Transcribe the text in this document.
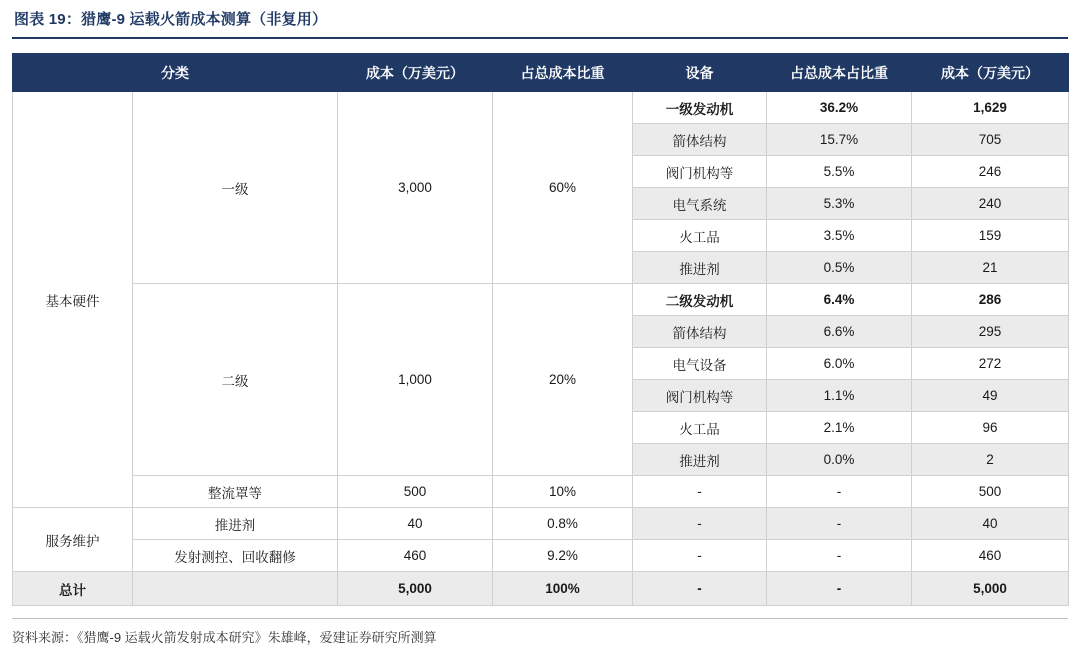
图表 19：猎鹰-9 运载火箭成本测算（非复用）
分类		成本（万美元）	占总成本比重	设备	占总成本占比重	成本（万美元）
基本硬件	一级	3,000	60%	一级发动机	36.2%	1,629
				箭体结构	15.7%	705
				阀门机构等	5.5%	246
				电气系统	5.3%	240
				火工品	3.5%	159
				推进剂	0.5%	21
	二级	1,000	20%	二级发动机	6.4%	286
				箭体结构	6.6%	295
				电气设备	6.0%	272
				阀门机构等	1.1%	49
				火工品	2.1%	96
				推进剂	0.0%	2
	整流罩等	500	10%	-	-	500
服务维护	推进剂	40	0.8%	-	-	40
	发射测控、回收翻修	460	9.2%	-	-	460
总计		5,000	100%	-	-	5,000
资料来源：《猎鹰-9 运载火箭发射成本研究》朱雄峰，爱建证券研究所测算
